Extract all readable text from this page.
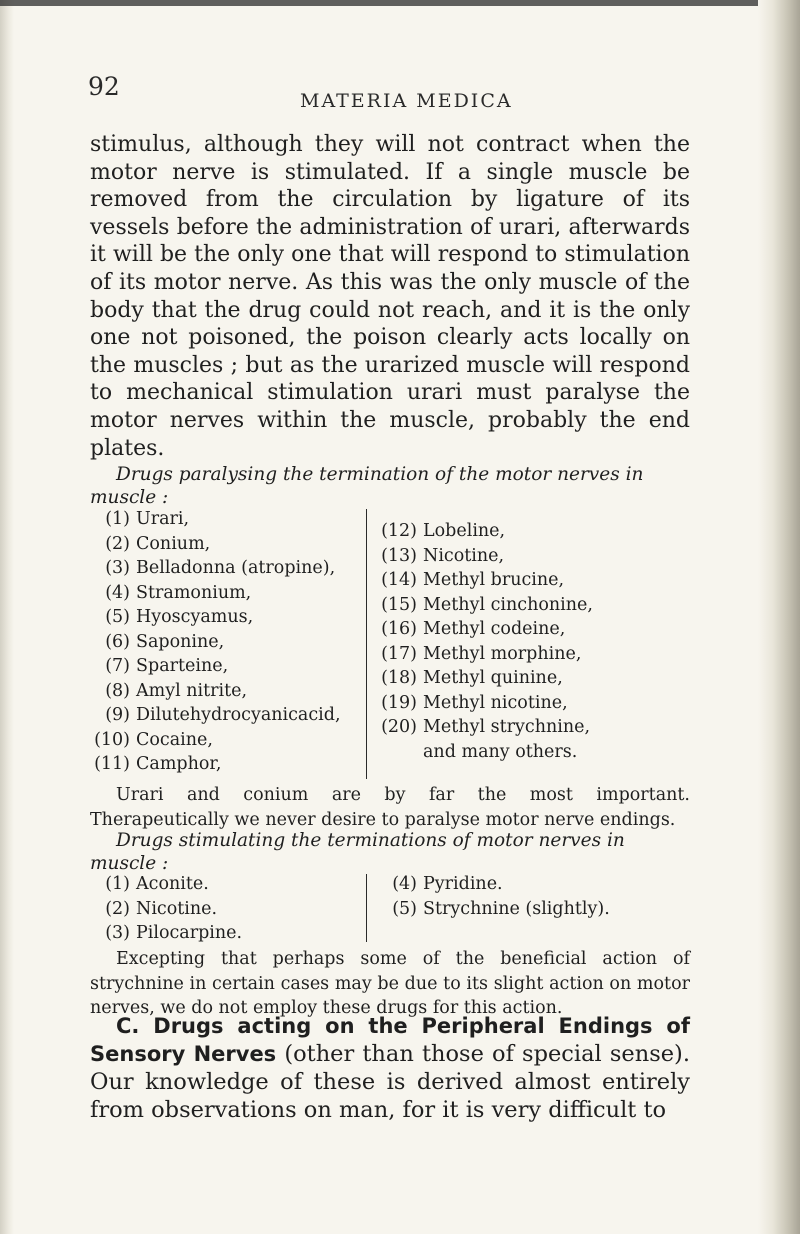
92	MATERIA MEDICA

stimulus, although they will not contract when the motor nerve is stimulated. If a single muscle be removed from the circulation by ligature of its vessels before the administration of urari, afterwards it will be the only one that will respond to stimulation of its motor nerve. As this was the only muscle of the body that the drug could not reach, and it is the only one not poisoned, the poison clearly acts locally on the muscles ; but as the urarized muscle will respond to mechanical stimulation urari must paralyse the motor nerves within the muscle, probably the end plates.

Drugs paralysing the termination of the motor nerves in muscle :

(1) Urari,
(2) Conium,
(3) Belladonna (atropine),
(4) Stramonium,
(5) Hyoscyamus,
(6) Saponine,
(7) Sparteine,
(8) Amyl nitrite,
(9) Dilutehydrocyanicacid,
(10) Cocaine,
(11) Camphor,
(12) Lobeline,
(13) Nicotine,
(14) Methyl brucine,
(15) Methyl cinchonine,
(16) Methyl codeine,
(17) Methyl morphine,
(18) Methyl quinine,
(19) Methyl nicotine,
(20) Methyl strychnine,
and many others.

Urari and conium are by far the most important. Therapeutically we never desire to paralyse motor nerve endings.

Drugs stimulating the terminations of motor nerves in muscle :

(1) Aconite.
(2) Nicotine.
(3) Pilocarpine.
(4) Pyridine.
(5) Strychnine (slightly).

Excepting that perhaps some of the beneficial action of strychnine in certain cases may be due to its slight action on motor nerves, we do not employ these drugs for this action.

C. Drugs acting on the Peripheral Endings of Sensory Nerves (other than those of special sense). Our knowledge of these is derived almost entirely from observations on man, for it is very difficult to
